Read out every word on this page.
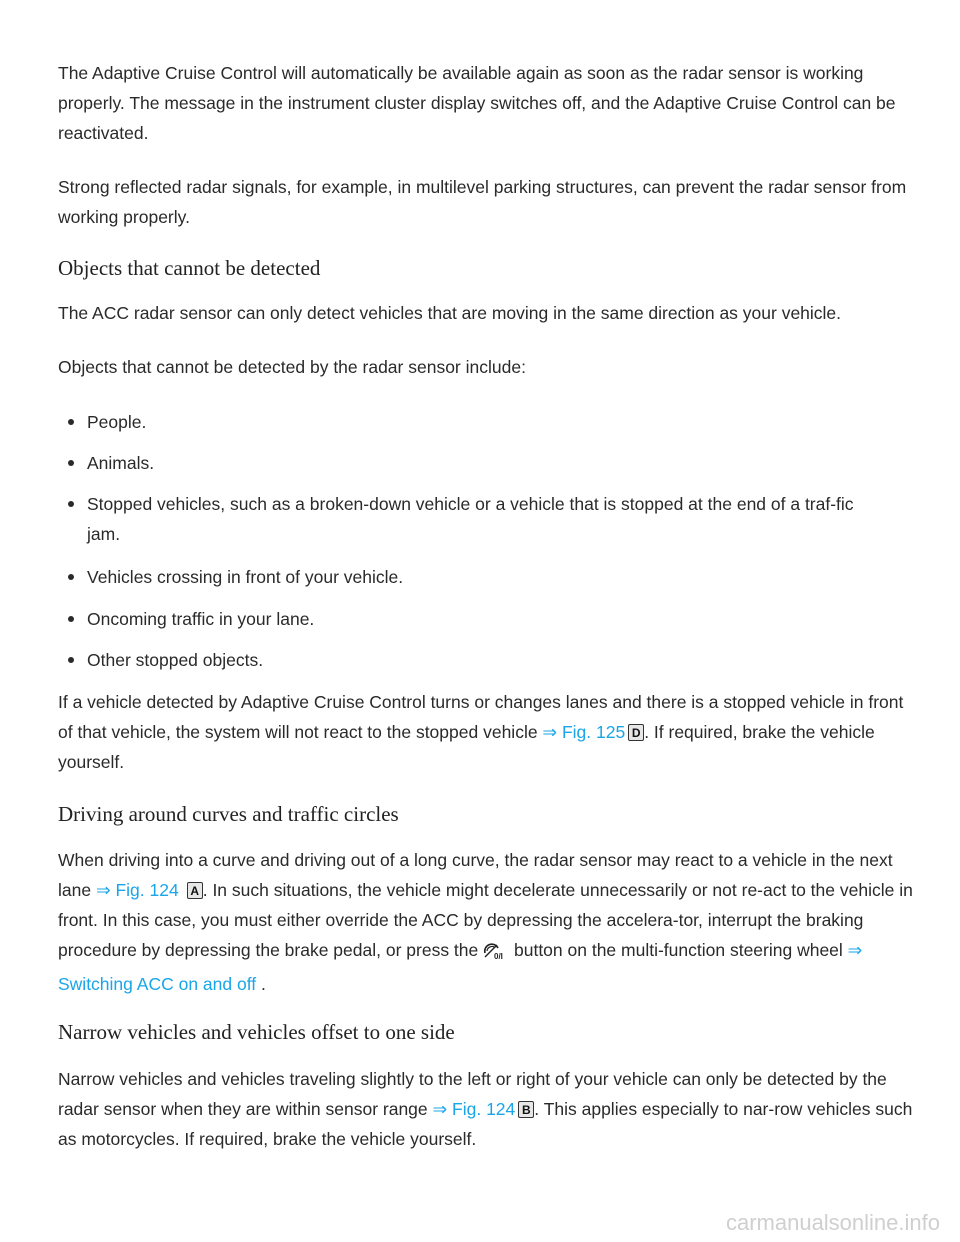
The Adaptive Cruise Control will automatically be available again as soon as the radar sensor is working properly. The message in the instrument cluster display switches off, and the Adaptive Cruise Control can be reactivated.

Strong reflected radar signals, for example, in multilevel parking structures, can prevent the radar sensor from working properly.

Objects that cannot be detected

The ACC radar sensor can only detect vehicles that are moving in the same direction as your vehicle.

Objects that cannot be detected by the radar sensor include:

People.
Animals.
Stopped vehicles, such as a broken-down vehicle or a vehicle that is stopped at the end of a traf-fic jam.
Vehicles crossing in front of your vehicle.
Oncoming traffic in your lane.
Other stopped objects.

If a vehicle detected by Adaptive Cruise Control turns or changes lanes and there is a stopped vehicle in front of that vehicle, the system will not react to the stopped vehicle ⇒ Fig. 125 D . If required, brake the vehicle yourself.

Driving around curves and traffic circles

When driving into a curve and driving out of a long curve, the radar sensor may react to a vehicle in the next lane ⇒ Fig. 124 A . In such situations, the vehicle might decelerate unnecessarily or not re-act to the vehicle in front. In this case, you must either override the ACC by depressing the accelera-tor, interrupt the braking procedure by depressing the brake pedal, or press the 0/I button on the multi-function steering wheel ⇒ Switching ACC on and off .

Narrow vehicles and vehicles offset to one side

Narrow vehicles and vehicles traveling slightly to the left or right of your vehicle can only be detected by the radar sensor when they are within sensor range ⇒ Fig. 124 B . This applies especially to nar-row vehicles such as motorcycles. If required, brake the vehicle yourself.

carmanualsonline.info
